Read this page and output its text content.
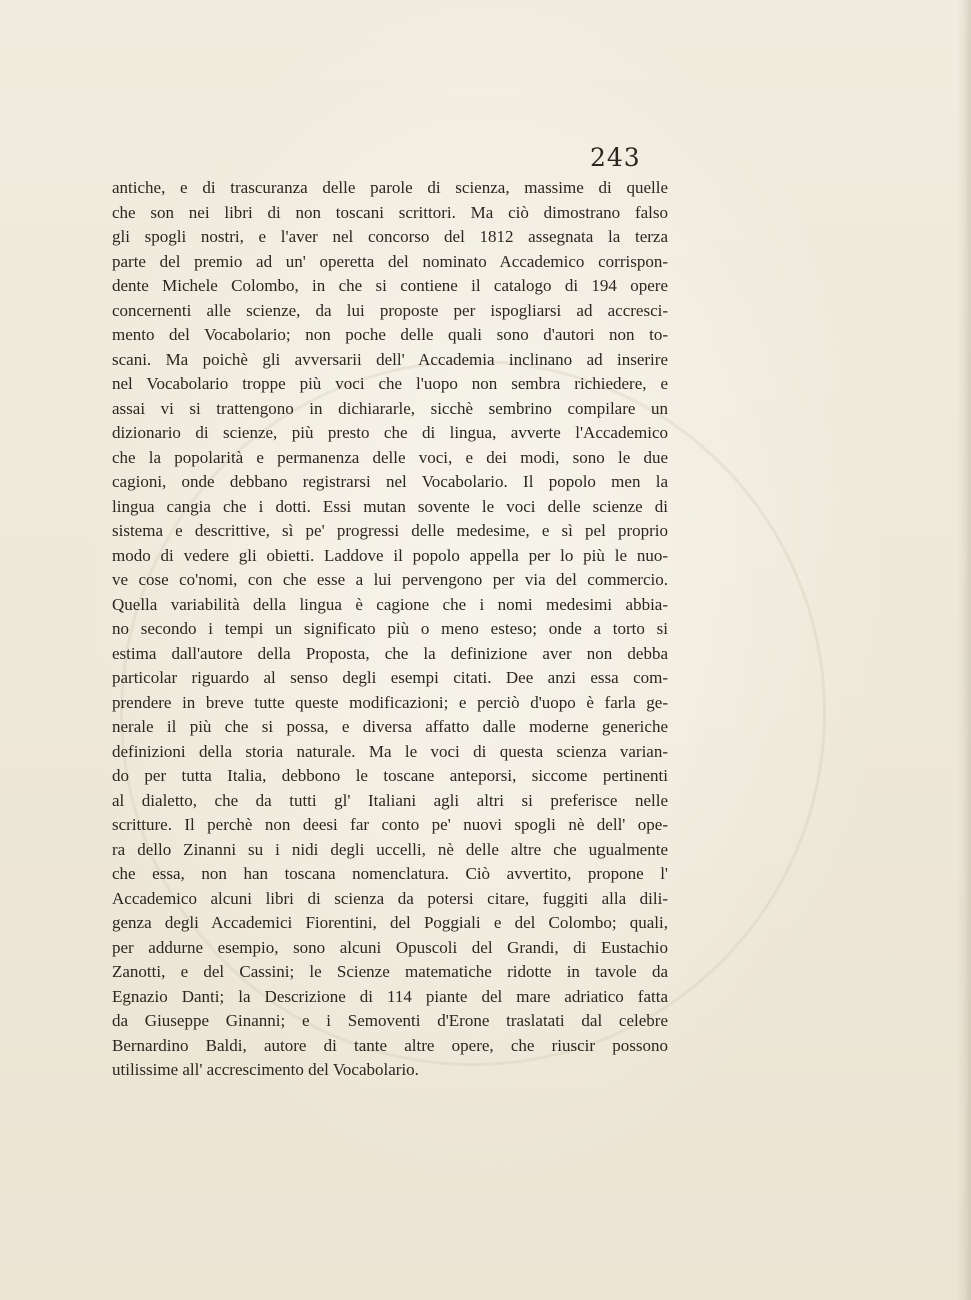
243
antiche, e di trascuranza delle parole di scienza, massime di quelle
che son nei libri di non toscani scrittori. Ma ciò dimostrano falso
gli spogli nostri, e l'aver nel concorso del 1812 assegnata la terza
parte del premio ad un' operetta del nominato Accademico corrispon-
dente Michele Colombo, in che si contiene il catalogo di 194 opere
concernenti alle scienze, da lui proposte per ispogliarsi ad accresci-
mento del Vocabolario; non poche delle quali sono d'autori non to-
scani. Ma poichè gli avversarii dell' Accademia inclinano ad inserire
nel Vocabolario troppe più voci che l'uopo non sembra richiedere, e
assai vi si trattengono in dichiararle, sicchè sembrino compilare un
dizionario di scienze, più presto che di lingua, avverte l'Accademico
che la popolarità e permanenza delle voci, e dei modi, sono le due
cagioni, onde debbano registrarsi nel Vocabolario. Il popolo men la
lingua cangia che i dotti. Essi mutan sovente le voci delle scienze di
sistema e descrittive, sì pe' progressi delle medesime, e sì pel proprio
modo di vedere gli obietti. Laddove il popolo appella per lo più le nuo-
ve cose co'nomi, con che esse a lui pervengono per via del commercio.
Quella variabilità della lingua è cagione che i nomi medesimi abbia-
no secondo i tempi un significato più o meno esteso; onde a torto si
estima dall'autore della Proposta, che la definizione aver non debba
particolar riguardo al senso degli esempi citati. Dee anzi essa com-
prendere in breve tutte queste modificazioni; e perciò d'uopo è farla ge-
nerale il più che si possa, e diversa affatto dalle moderne generiche
definizioni della storia naturale. Ma le voci di questa scienza varian-
do per tutta Italia, debbono le toscane anteporsi, siccome pertinenti
al dialetto, che da tutti gl' Italiani agli altri si preferisce nelle
scritture. Il perchè non deesi far conto pe' nuovi spogli nè dell' ope-
ra dello Zinanni su i nidi degli uccelli, nè delle altre che ugualmente
che essa, non han toscana nomenclatura. Ciò avvertito, propone l'
Accademico alcuni libri di scienza da potersi citare, fuggiti alla dili-
genza degli Accademici Fiorentini, del Poggiali e del Colombo; quali,
per addurne esempio, sono alcuni Opuscoli del Grandi, di Eustachio
Zanotti, e del Cassini; le Scienze matematiche ridotte in tavole da
Egnazio Danti; la Descrizione di 114 piante del mare adriatico fatta
da Giuseppe Ginanni; e i Semoventi d'Erone traslatati dal celebre
Bernardino Baldi, autore di tante altre opere, che riuscir possono
utilissime all' accrescimento del Vocabolario.
